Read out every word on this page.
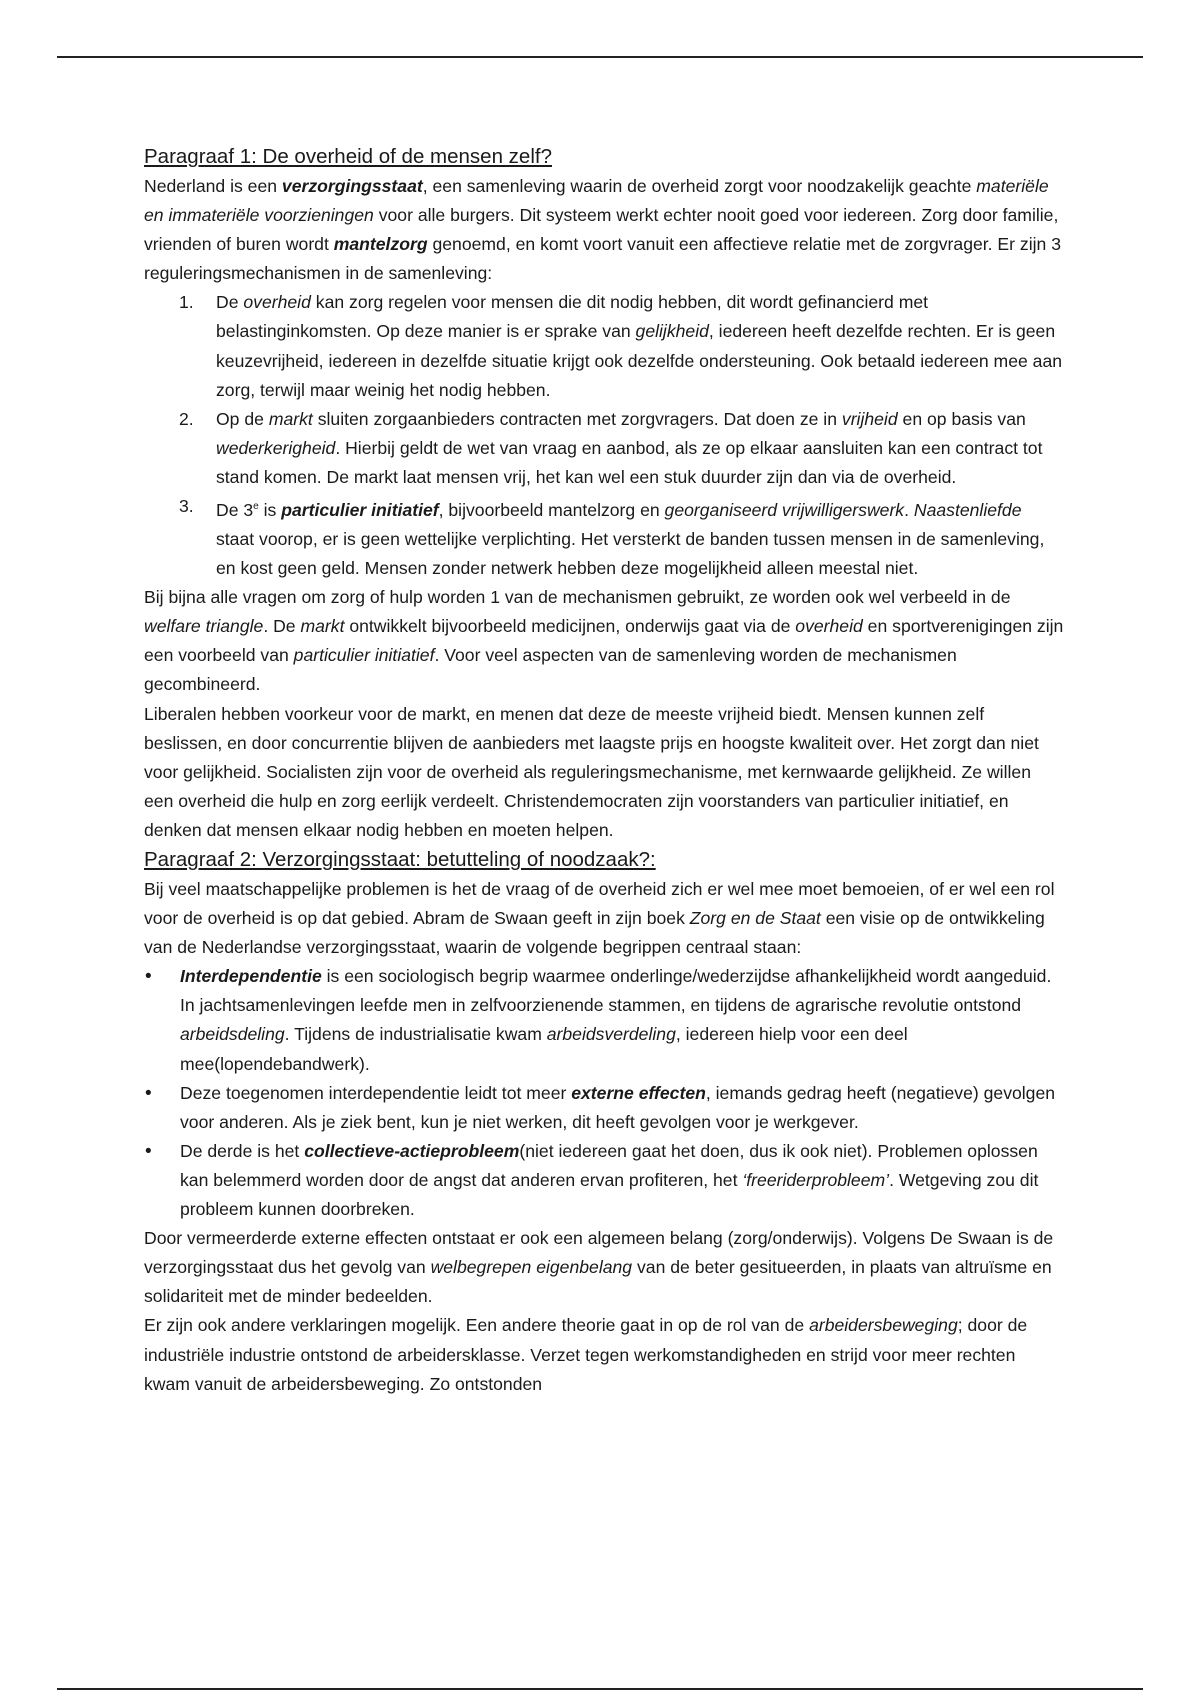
Paragraaf 1: De overheid of de mensen zelf?

Nederland is een verzorgingsstaat, een samenleving waarin de overheid zorgt voor noodzakelijk geachte materiële en immateriële voorzieningen voor alle burgers. Dit systeem werkt echter nooit goed voor iedereen. Zorg door familie, vrienden of buren wordt mantelzorg genoemd, en komt voort vanuit een affectieve relatie met de zorgvrager. Er zijn 3 reguleringsmechanismen in de samenleving:

1. De overheid kan zorg regelen voor mensen die dit nodig hebben, dit wordt gefinancierd met belastinginkomsten. Op deze manier is er sprake van gelijkheid, iedereen heeft dezelfde rechten. Er is geen keuzevrijheid, iedereen in dezelfde situatie krijgt ook dezelfde ondersteuning. Ook betaald iedereen mee aan zorg, terwijl maar weinig het nodig hebben.
2. Op de markt sluiten zorgaanbieders contracten met zorgvragers. Dat doen ze in vrijheid en op basis van wederkerigheid. Hierbij geldt de wet van vraag en aanbod, als ze op elkaar aansluiten kan een contract tot stand komen. De markt laat mensen vrij, het kan wel een stuk duurder zijn dan via de overheid.
3. De 3e is particulier initiatief, bijvoorbeeld mantelzorg en georganiseerd vrijwilligerswerk. Naastenliefde staat voorop, er is geen wettelijke verplichting. Het versterkt de banden tussen mensen in de samenleving, en kost geen geld. Mensen zonder netwerk hebben deze mogelijkheid alleen meestal niet.

Bij bijna alle vragen om zorg of hulp worden 1 van de mechanismen gebruikt, ze worden ook wel verbeeld in de welfare triangle. De markt ontwikkelt bijvoorbeeld medicijnen, onderwijs gaat via de overheid en sportverenigingen zijn een voorbeeld van particulier initiatief. Voor veel aspecten van de samenleving worden de mechanismen gecombineerd.

Liberalen hebben voorkeur voor de markt, en menen dat deze de meeste vrijheid biedt. Mensen kunnen zelf beslissen, en door concurrentie blijven de aanbieders met laagste prijs en hoogste kwaliteit over. Het zorgt dan niet voor gelijkheid. Socialisten zijn voor de overheid als reguleringsmechanisme, met kernwaarde gelijkheid. Ze willen een overheid die hulp en zorg eerlijk verdeelt. Christendemocraten zijn voorstanders van particulier initiatief, en denken dat mensen elkaar nodig hebben en moeten helpen.

Paragraaf 2: Verzorgingsstaat: betutteling of noodzaak?:

Bij veel maatschappelijke problemen is het de vraag of de overheid zich er wel mee moet bemoeien, of er wel een rol voor de overheid is op dat gebied. Abram de Swaan geeft in zijn boek Zorg en de Staat een visie op de ontwikkeling van de Nederlandse verzorgingsstaat, waarin de volgende begrippen centraal staan:

• Interdependentie is een sociologisch begrip waarmee onderlinge/wederzijdse afhankelijkheid wordt aangeduid. In jachtsamenlevingen leefde men in zelfvoorzienende stammen, en tijdens de agrarische revolutie ontstond arbeidsdeling. Tijdens de industrialisatie kwam arbeidsverdeling, iedereen hielp voor een deel mee(lopendebandwerk).
• Deze toegenomen interdependentie leidt tot meer externe effecten, iemands gedrag heeft (negatieve) gevolgen voor anderen. Als je ziek bent, kun je niet werken, dit heeft gevolgen voor je werkgever.
• De derde is het collectieve-actieprobleem(niet iedereen gaat het doen, dus ik ook niet). Problemen oplossen kan belemmerd worden door de angst dat anderen ervan profiteren, het ‘freeriderprobleem’. Wetgeving zou dit probleem kunnen doorbreken.

Door vermeerderde externe effecten ontstaat er ook een algemeen belang (zorg/onderwijs). Volgens De Swaan is de verzorgingsstaat dus het gevolg van welbegrepen eigenbelang van de beter gesitueerden, in plaats van altruïsme en solidariteit met de minder bedeelden.

Er zijn ook andere verklaringen mogelijk. Een andere theorie gaat in op de rol van de arbeidersbeweging; door de industriële industrie ontstond de arbeidersklasse. Verzet tegen werkomstandigheden en strijd voor meer rechten kwam vanuit de arbeidersbeweging. Zo ontstonden
